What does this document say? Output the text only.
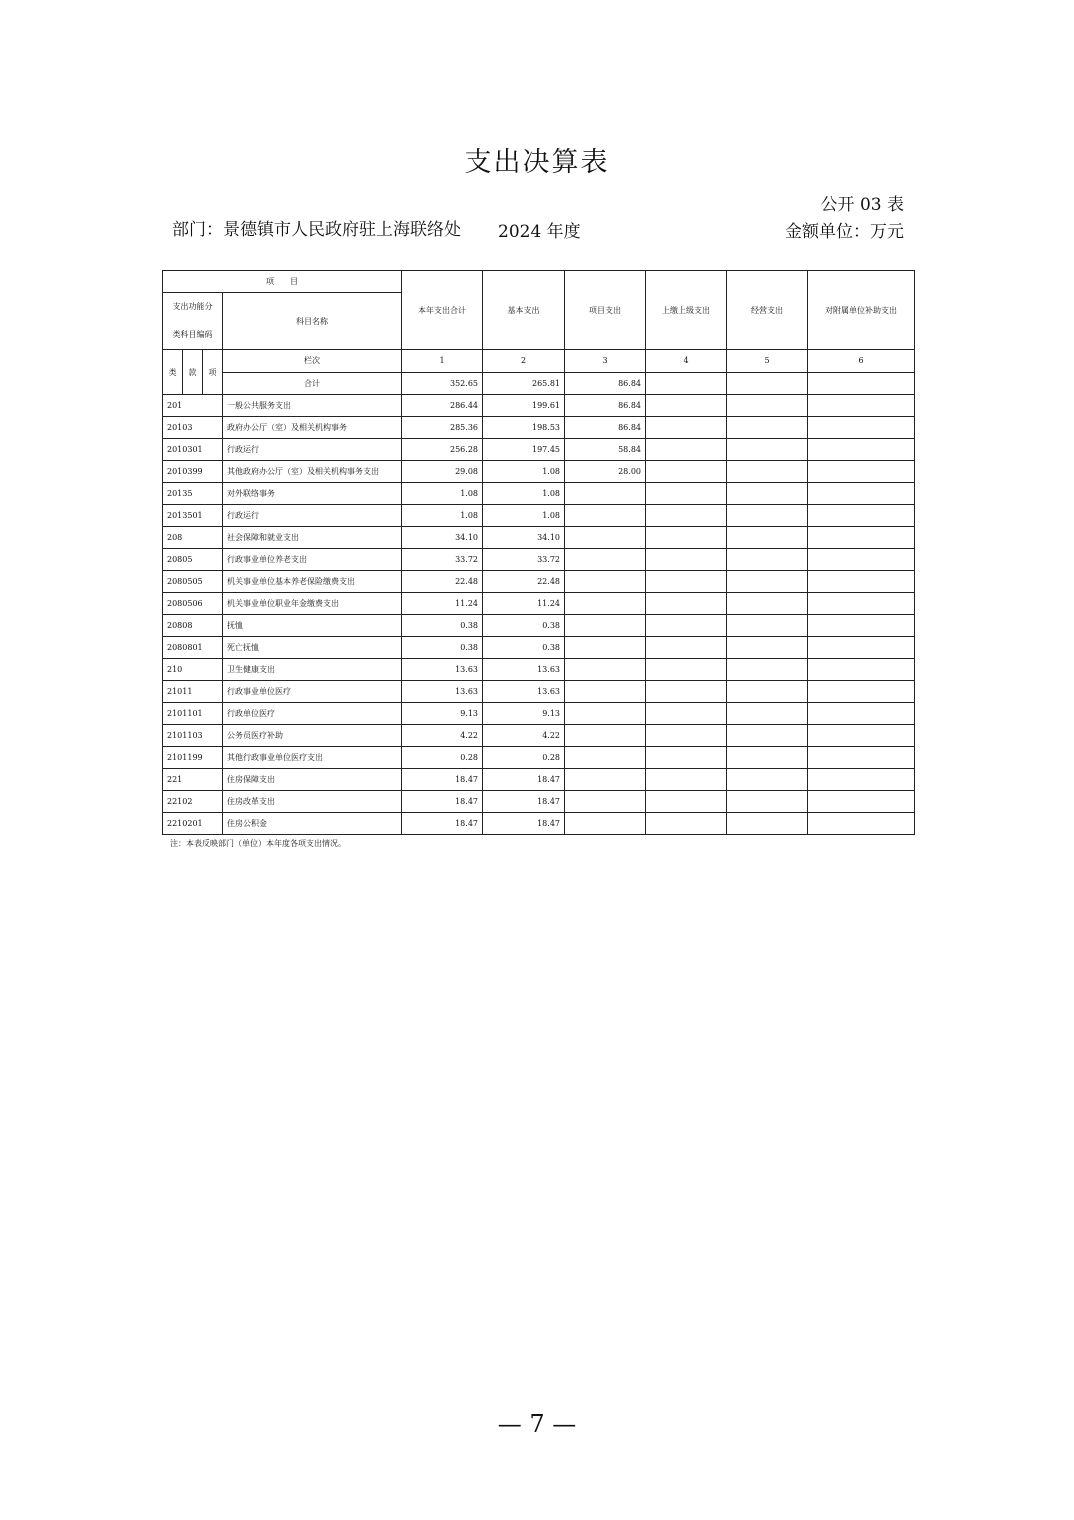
支出决算表
公开 03 表
部门：景德镇市人民政府驻上海联络处 2024 年度	金额单位：万元
项　　目	本年支出合计	基本支出	项目支出	上缴上级支出	经营支出	对附属单位补助支出

支出功能分
类科目编码
	科目名称

类	款	项
	栏次	1	2	3	4	5	6
合计	352.65	265.81	86.84			
201	一般公共服务支出	286.44	199.61	86.84			
20103	政府办公厅（室）及相关机构事务	285.36	198.53	86.84			
2010301	行政运行	256.28	197.45	58.84			
2010399	其他政府办公厅（室）及相关机构事务支出	29.08	1.08	28.00			
20135	对外联络事务	1.08	1.08				
2013501	行政运行	1.08	1.08				
208	社会保障和就业支出	34.10	34.10				
20805	行政事业单位养老支出	33.72	33.72				
2080505	机关事业单位基本养老保险缴费支出	22.48	22.48				
2080506	机关事业单位职业年金缴费支出	11.24	11.24				
20808	抚恤	0.38	0.38				
2080801	死亡抚恤	0.38	0.38				
210	卫生健康支出	13.63	13.63				
21011	行政事业单位医疗	13.63	13.63				
2101101	行政单位医疗	9.13	9.13				
2101103	公务员医疗补助	4.22	4.22				
2101199	其他行政事业单位医疗支出	0.28	0.28				
221	住房保障支出	18.47	18.47				
22102	住房改革支出	18.47	18.47				
2210201	住房公积金	18.47	18.47				
注：本表反映部门（单位）本年度各项支出情况。
— 7 —
